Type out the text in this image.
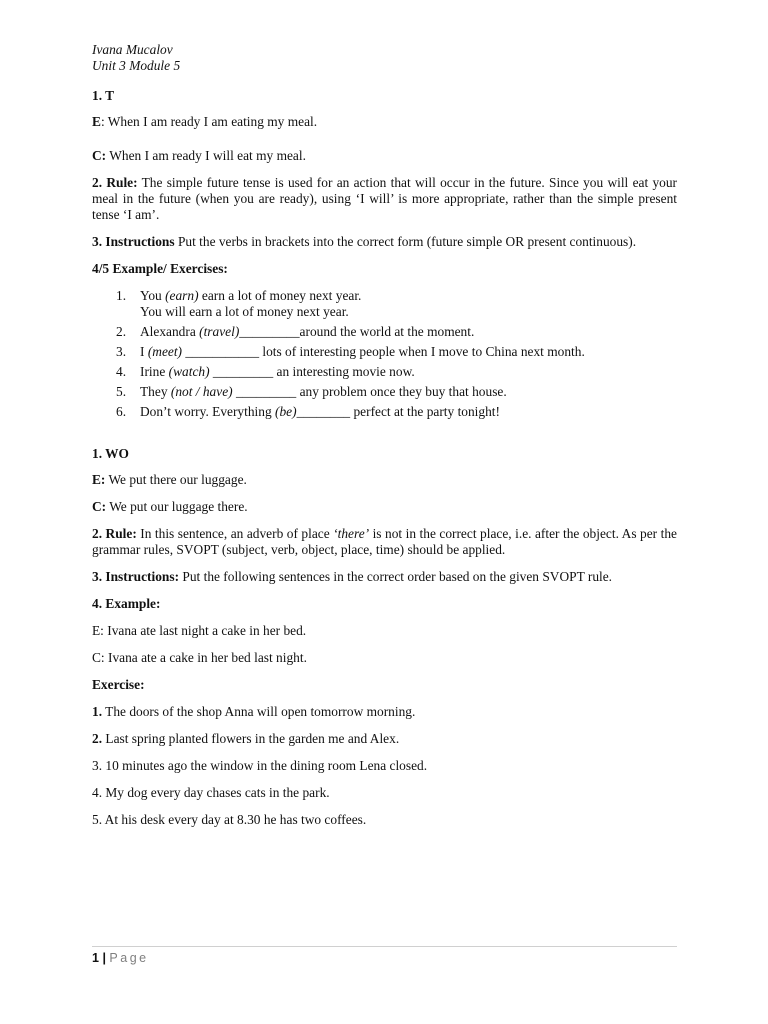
Ivana Mucalov
Unit 3 Module 5

1. T

E: When I am ready I am eating my meal.

C: When I am ready I will eat my meal.

2. Rule: The simple future tense is used for an action that will occur in the future. Since you will eat your meal in the future (when you are ready), using ‘I will’ is more appropriate, rather than the simple present tense ‘I am’.

3. Instructions Put the verbs in brackets into the correct form (future simple OR present continuous).

4/5 Example/ Exercises:

1. You (earn) earn a lot of money next year.
You will earn a lot of money next year.
2. Alexandra (travel)_________around the world at the moment.
3. I (meet) ___________ lots of interesting people when I move to China next month.
4. Irine (watch) _________ an interesting movie now.
5. They (not / have) _________ any problem once they buy that house.
6. Don’t worry. Everything (be)________ perfect at the party tonight!

1. WO

E: We put there our luggage.

C: We put our luggage there.

2. Rule: In this sentence, an adverb of place ‘there’ is not in the correct place, i.e. after the object. As per the grammar rules, SVOPT (subject, verb, object, place, time) should be applied.

3. Instructions: Put the following sentences in the correct order based on the given SVOPT rule.

4. Example:

E: Ivana ate last night a cake in her bed.

C: Ivana ate a cake in her bed last night.

Exercise:

1. The doors of the shop Anna will open tomorrow morning.

2. Last spring planted flowers in the garden me and Alex.

3. 10 minutes ago the window in the dining room Lena closed.

4. My dog every day chases cats in the park.

5. At his desk every day at 8.30 he has two coffees.

1 | Page
